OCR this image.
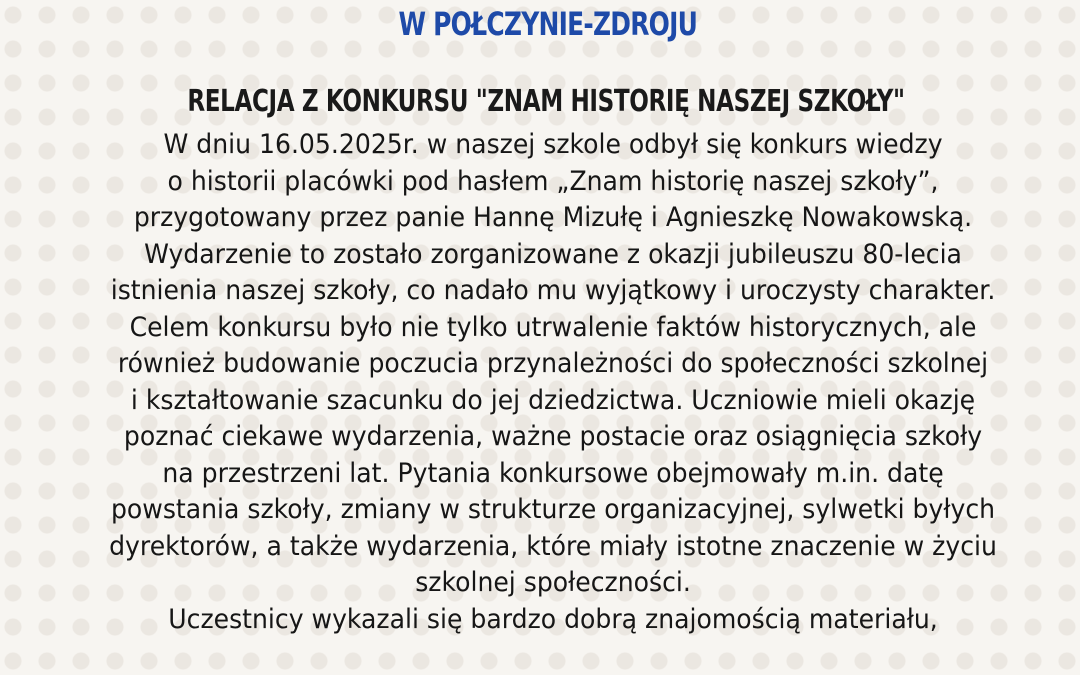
W POŁCZYNIE-ZDROJU
RELACJA Z KONKURSU "ZNAM HISTORIĘ NASZEJ SZKOŁY"
W dniu 16.05.2025r. w naszej szkole odbył się konkurs wiedzy
o historii placówki pod hasłem „Znam historię naszej szkoły”,
przygotowany przez panie Hannę Mizułę i Agnieszkę Nowakowską.
Wydarzenie to zostało zorganizowane z okazji jubileuszu 80-lecia
istnienia naszej szkoły, co nadało mu wyjątkowy i uroczysty charakter.
Celem konkursu było nie tylko utrwalenie faktów historycznych, ale
również budowanie poczucia przynależności do społeczności szkolnej
i kształtowanie szacunku do jej dziedzictwa. Uczniowie mieli okazję
poznać ciekawe wydarzenia, ważne postacie oraz osiągnięcia szkoły
na przestrzeni lat. Pytania konkursowe obejmowały m.in. datę
powstania szkoły, zmiany w strukturze organizacyjnej, sylwetki byłych
dyrektorów, a także wydarzenia, które miały istotne znaczenie w życiu
szkolnej społeczności.
Uczestnicy wykazali się bardzo dobrą znajomością materiału,
